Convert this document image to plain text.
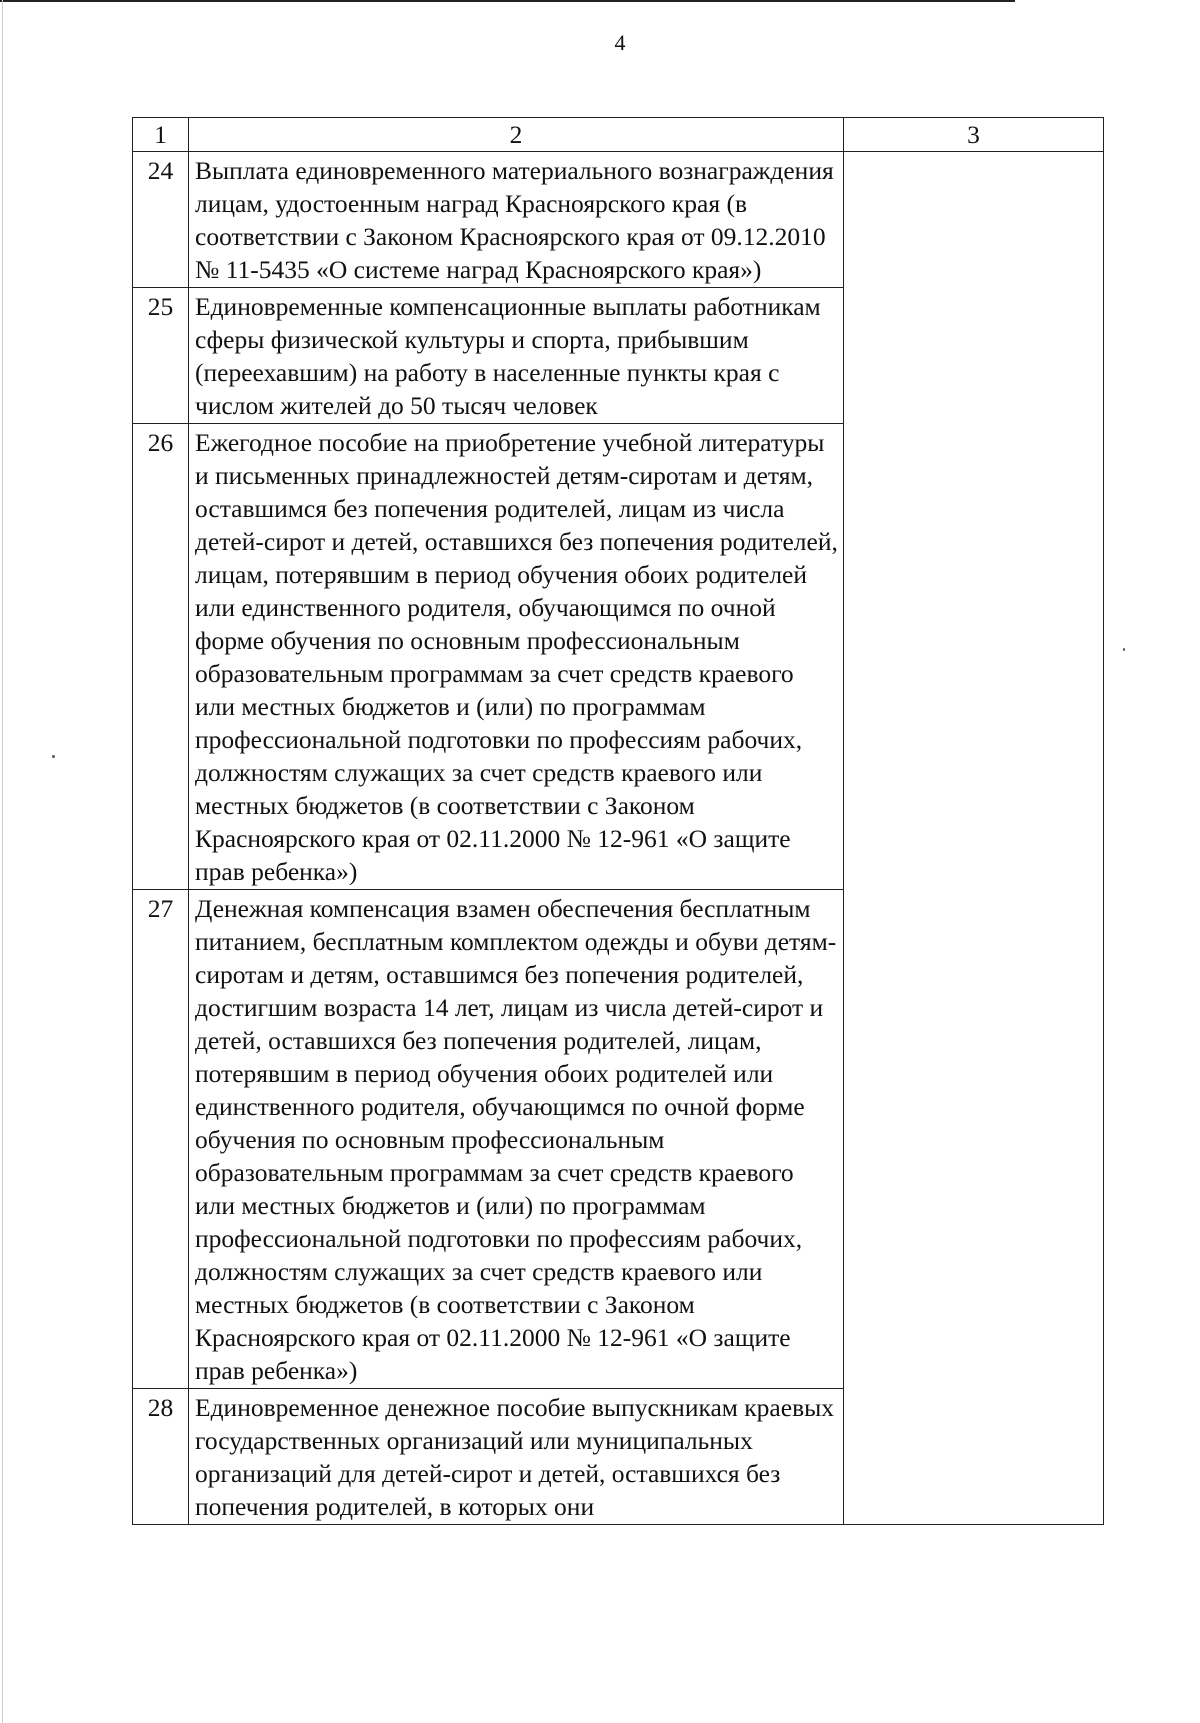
4
1	2	3
24	Выплата единовременного материального вознаграждения лицам, удостоенным наград Красноярского края (в соответствии с Законом Красноярского края от 09.12.2010 № 11-5435 «О системе наград Красноярского края»)	
25	Единовременные компенсационные выплаты работникам сферы физической культуры и спорта, прибывшим (переехавшим) на работу в населенные пункты края с числом жителей до 50 тысяч человек	
26	Ежегодное пособие на приобретение учебной литературы и письменных принадлежностей детям-сиротам и детям, оставшимся без попечения родителей, лицам из числа детей-сирот и детей, оставшихся без попечения родителей, лицам, потерявшим в период обучения обоих родителей или единственного родителя, обучающимся по очной форме обучения по основным профессиональным образовательным программам за счет средств краевого или местных бюджетов и (или) по программам профессиональной подготовки по профессиям рабочих, должностям служащих за счет средств краевого или местных бюджетов (в соответствии с Законом Красноярского края от 02.11.2000 № 12-961 «О защите прав ребенка»)	
27	Денежная компенсация взамен обеспечения бесплатным питанием, бесплатным комплектом одежды и обуви детям-сиротам и детям, оставшимся без попечения родителей, достигшим возраста 14 лет, лицам из числа детей-сирот и детей, оставшихся без попечения родителей, лицам, потерявшим в период обучения обоих родителей или единственного родителя, обучающимся по очной форме обучения по основным профессиональным образовательным программам за счет средств краевого или местных бюджетов и (или) по программам профессиональной подготовки по профессиям рабочих, должностям служащих за счет средств краевого или местных бюджетов (в соответствии с Законом Красноярского края от 02.11.2000 № 12-961 «О защите прав ребенка»)	
28	Единовременное денежное пособие выпускникам краевых государственных организаций или муниципальных организаций для детей-сирот и детей, оставшихся без попечения родителей, в которых они	
